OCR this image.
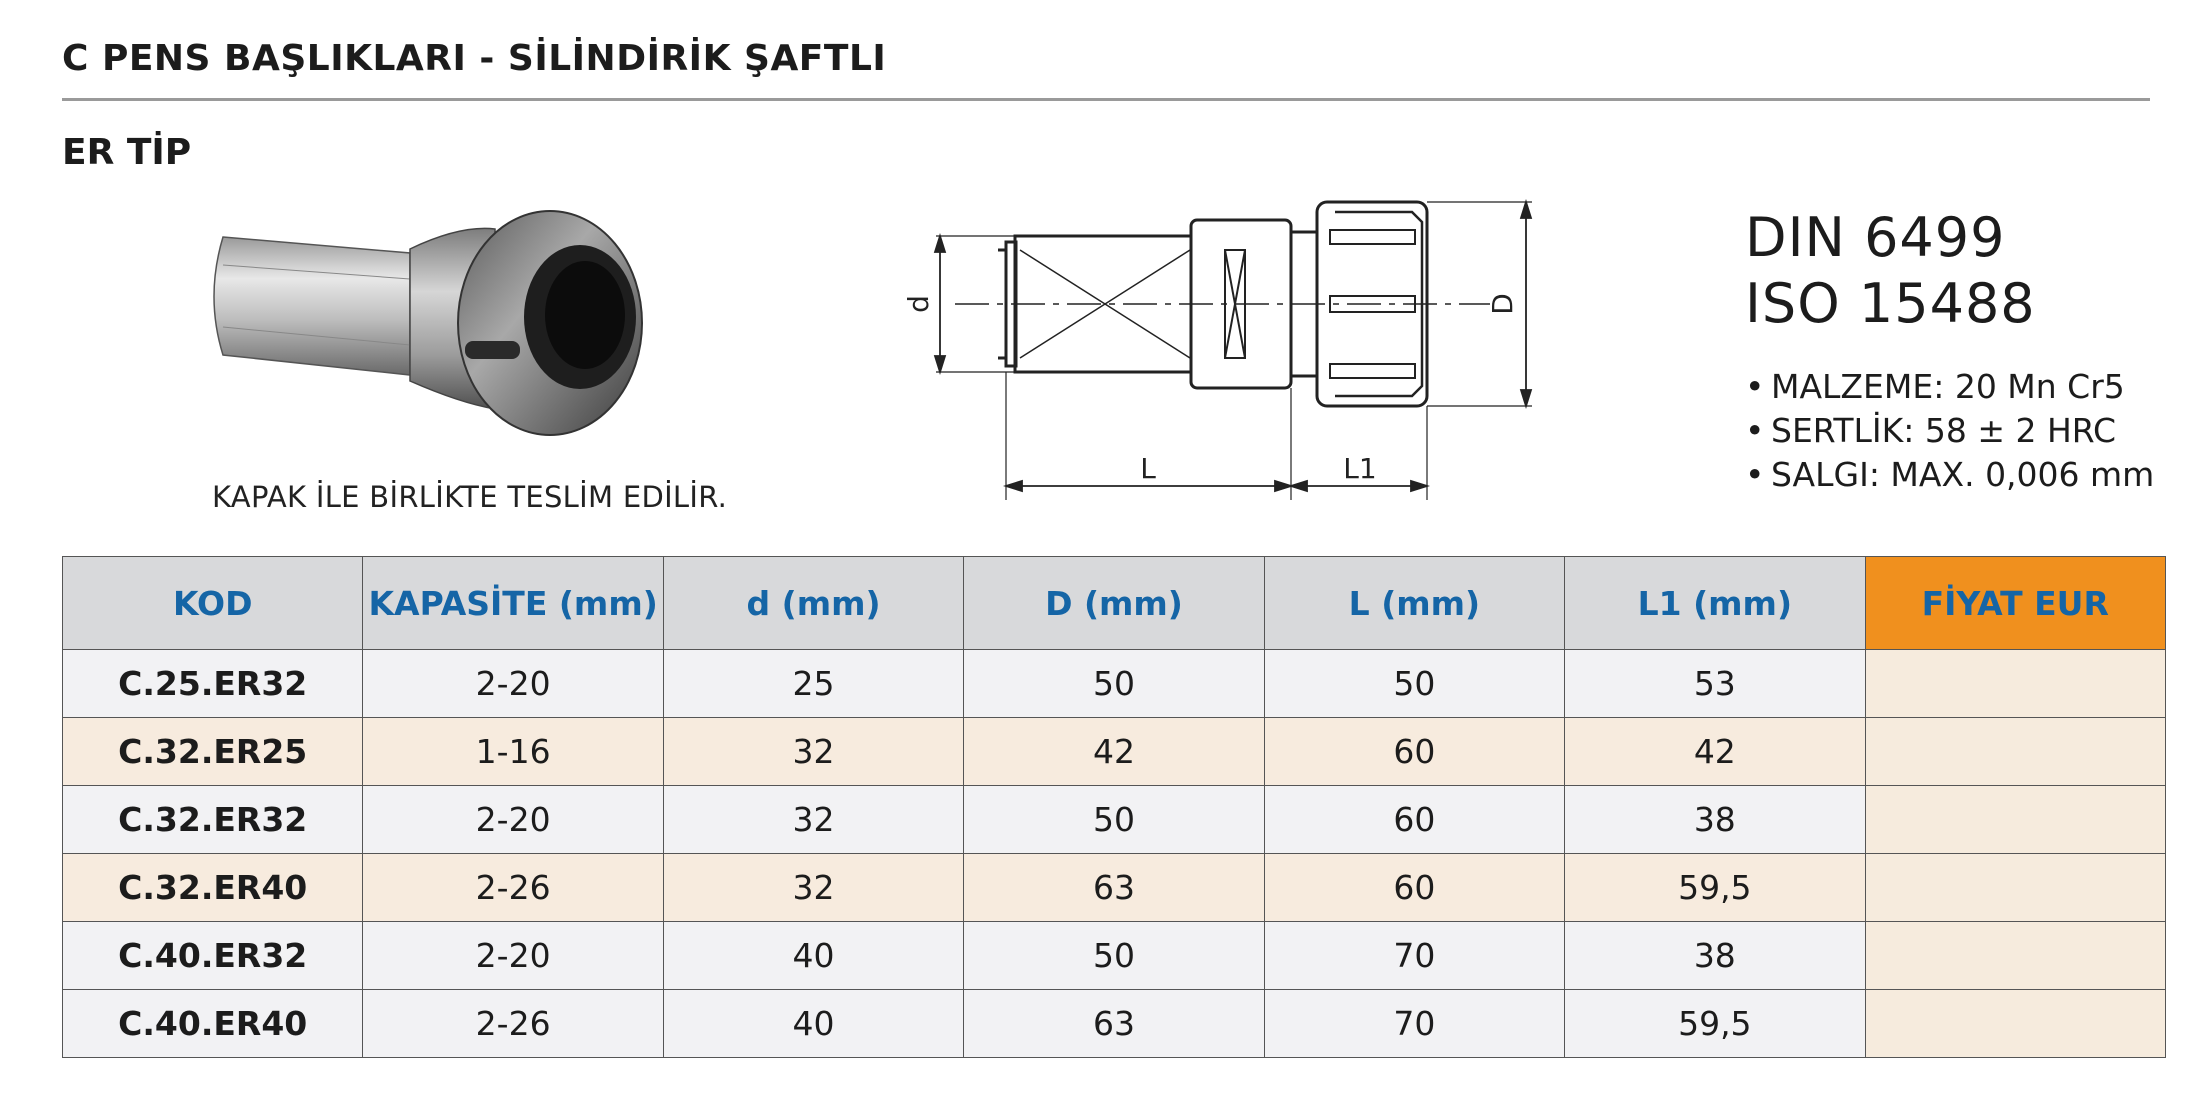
C PENS BAŞLIKLARI - SİLİNDİRİK ŞAFTLI
ER TİP
KAPAK İLE BİRLİKTE TESLİM EDİLİR.
d	D
L	L1
DIN 6499
ISO 15488
• MALZEME: 20 Mn Cr5
• SERTLİK: 58 ± 2 HRC
• SALGI: MAX. 0,006 mm
KOD	KAPASİTE (mm)	d (mm)	D (mm)	L (mm)	L1 (mm)	FİYAT EUR
C.25.ER32	2-20	25	50	50	53	
C.32.ER25	1-16	32	42	60	42	
C.32.ER32	2-20	32	50	60	38	
C.32.ER40	2-26	32	63	60	59,5	
C.40.ER32	2-20	40	50	70	38	
C.40.ER40	2-26	40	63	70	59,5	
